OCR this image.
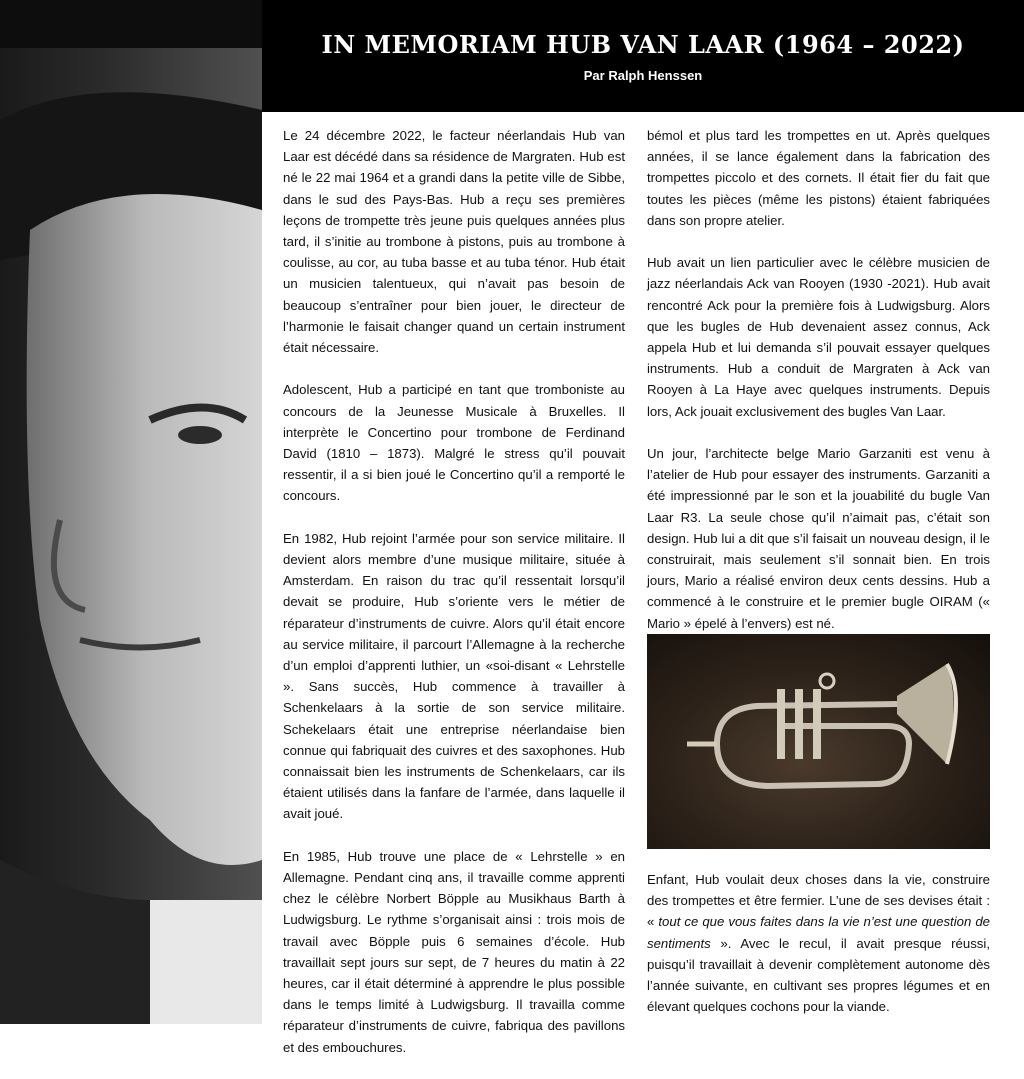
IN MEMORIAM HUB VAN LAAR (1964 – 2022)
Par Ralph Henssen

Le 24 décembre 2022, le facteur néerlandais Hub van Laar est décédé dans sa résidence de Margraten. Hub est né le 22 mai 1964 et a grandi dans la petite ville de Sibbe, dans le sud des Pays-Bas. Hub a reçu ses premières leçons de trompette très jeune puis quelques années plus tard, il s’initie au trombone à pistons, puis au trombone à coulisse, au cor, au tuba basse et au tuba ténor. Hub était un musicien talentueux, qui n’avait pas besoin de beaucoup s’entraîner pour bien jouer, le directeur de l’harmonie le faisait changer quand un certain instrument était nécessaire.

Adolescent, Hub a participé en tant que tromboniste au concours de la Jeunesse Musicale à Bruxelles. Il interprète le Concertino pour trombone de Ferdinand David (1810 – 1873). Malgré le stress qu’il pouvait ressentir, il a si bien joué le Concertino qu’il a remporté le concours.

En 1982, Hub rejoint l’armée pour son service militaire. Il devient alors membre d’une musique militaire, située à Amsterdam. En raison du trac qu’il ressentait lorsqu’il devait se produire, Hub s’oriente vers le métier de réparateur d’instruments de cuivre. Alors qu’il était encore au service militaire, il parcourt l’Allemagne à la recherche d’un emploi d’apprenti luthier, un «soi-disant « Lehrstelle ». Sans succès, Hub commence à travailler à Schenkelaars à la sortie de son service militaire. Schekelaars était une entreprise néerlandaise bien connue qui fabriquait des cuivres et des saxophones. Hub connaissait bien les instruments de Schenkelaars, car ils étaient utilisés dans la fanfare de l’armée, dans laquelle il avait joué.

En 1985, Hub trouve une place de « Lehrstelle » en Allemagne. Pendant cinq ans, il travaille comme apprenti chez le célèbre Norbert Böpple au Musikhaus Barth à Ludwigsburg. Le rythme s’organisait ainsi : trois mois de travail avec Böpple puis 6 semaines d’école. Hub travaillait sept jours sur sept, de 7 heures du matin à 22 heures, car il était déterminé à apprendre le plus possible dans le temps limité à Ludwigsburg. Il travailla comme réparateur d’instruments de cuivre, fabriqua des pavillons et des embouchures.

bémol et plus tard les trompettes en ut. Après quelques années, il se lance également dans la fabrication des trompettes piccolo et des cornets. Il était fier du fait que toutes les pièces (même les pistons) étaient fabriquées dans son propre atelier.

Hub avait un lien particulier avec le célèbre musicien de jazz néerlandais Ack van Rooyen (1930 -2021). Hub avait rencontré Ack pour la première fois à Ludwigsburg. Alors que les bugles de Hub devenaient assez connus, Ack appela Hub et lui demanda s’il pouvait essayer quelques instruments. Hub a conduit de Margraten à Ack van Rooyen à La Haye avec quelques instruments. Depuis lors, Ack jouait exclusivement des bugles Van Laar.

Un jour, l’architecte belge Mario Garzaniti est venu à l’atelier de Hub pour essayer des instruments. Garzaniti a été impressionné par le son et la jouabilité du bugle Van Laar R3. La seule chose qu’il n’aimait pas, c’était son design. Hub lui a dit que s’il faisait un nouveau design, il le construirait, mais seulement s’il sonnait bien. En trois jours, Mario a réalisé environ deux cents dessins. Hub a commencé à le construire et le premier bugle OIRAM (« Mario » épelé à l’envers) est né.

Enfant, Hub voulait deux choses dans la vie, construire des trompettes et être fermier. L’une de ses devises était : « tout ce que vous faites dans la vie n’est une question de sentiments ». Avec le recul, il avait presque réussi, puisqu’il travaillait à devenir complètement autonome dès l’année suivante, en cultivant ses propres légumes et en élevant quelques cochons pour la viande.
